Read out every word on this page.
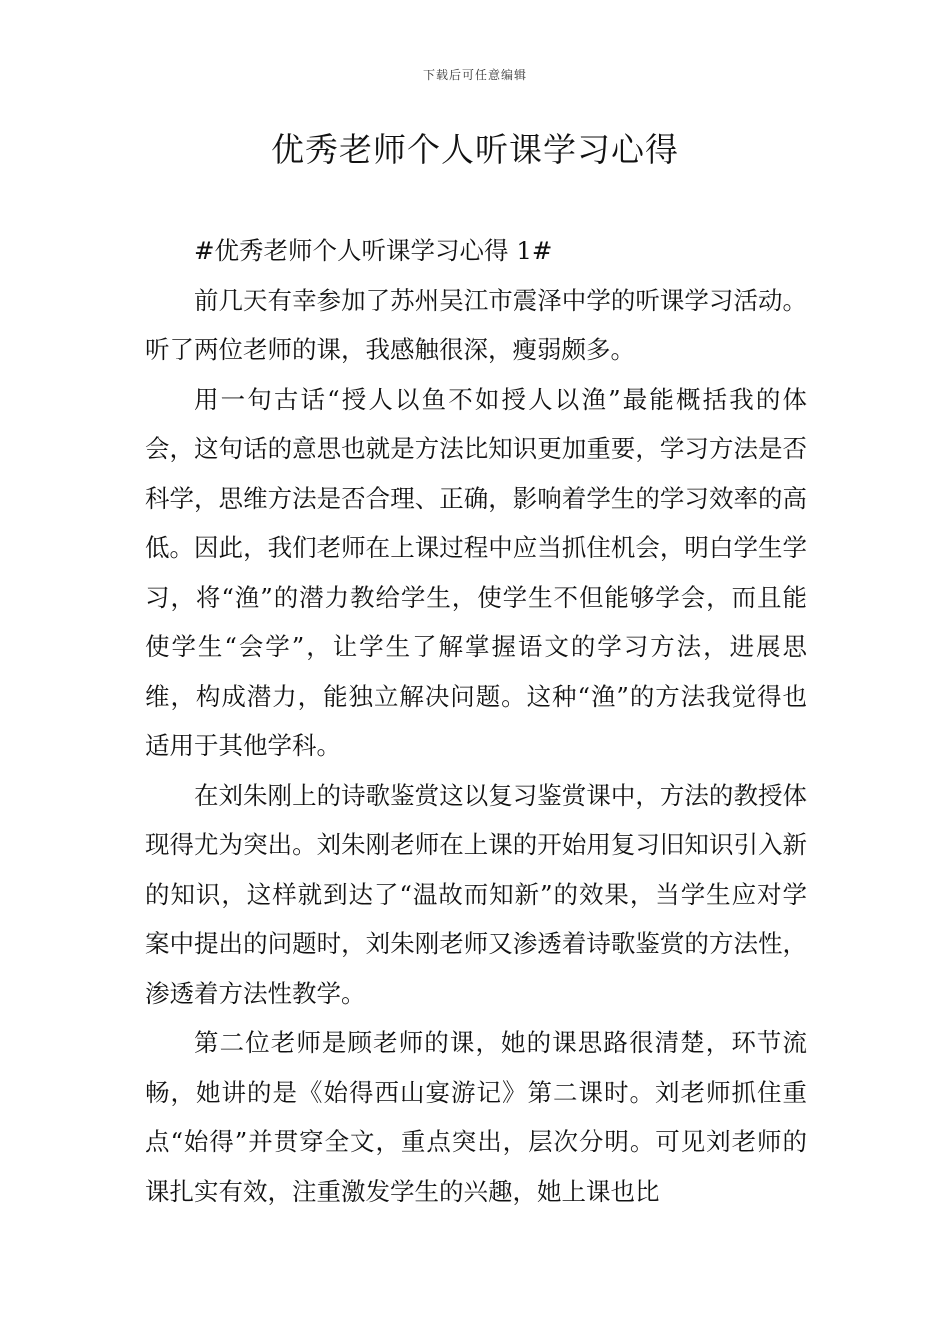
下载后可任意编辑
优秀老师个人听课学习心得

#优秀老师个人听课学习心得 1#

前几天有幸参加了苏州吴江市震泽中学的听课学习活动。听了两位老师的课，我感触很深，瘦弱颇多。

用一句古话“授人以鱼不如授人以渔”最能概括我的体会，这句话的意思也就是方法比知识更加重要，学习方法是否科学，思维方法是否合理、正确，影响着学生的学习效率的高低。因此，我们老师在上课过程中应当抓住机会，明白学生学习，将“渔”的潜力教给学生，使学生不但能够学会，而且能使学生“会学”，让学生了解掌握语文的学习方法，进展思维，构成潜力，能独立解决问题。这种“渔”的方法我觉得也适用于其他学科。

在刘朱刚上的诗歌鉴赏这以复习鉴赏课中，方法的教授体现得尤为突出。刘朱刚老师在上课的开始用复习旧知识引入新的知识，这样就到达了“温故而知新”的效果，当学生应对学案中提出的问题时，刘朱刚老师又渗透着诗歌鉴赏的方法性，渗透着方法性教学。

第二位老师是顾老师的课，她的课思路很清楚，环节流畅，她讲的是《始得西山宴游记》第二课时。刘老师抓住重点“始得”并贯穿全文，重点突出，层次分明。可见刘老师的课扎实有效，注重激发学生的兴趣，她上课也比
